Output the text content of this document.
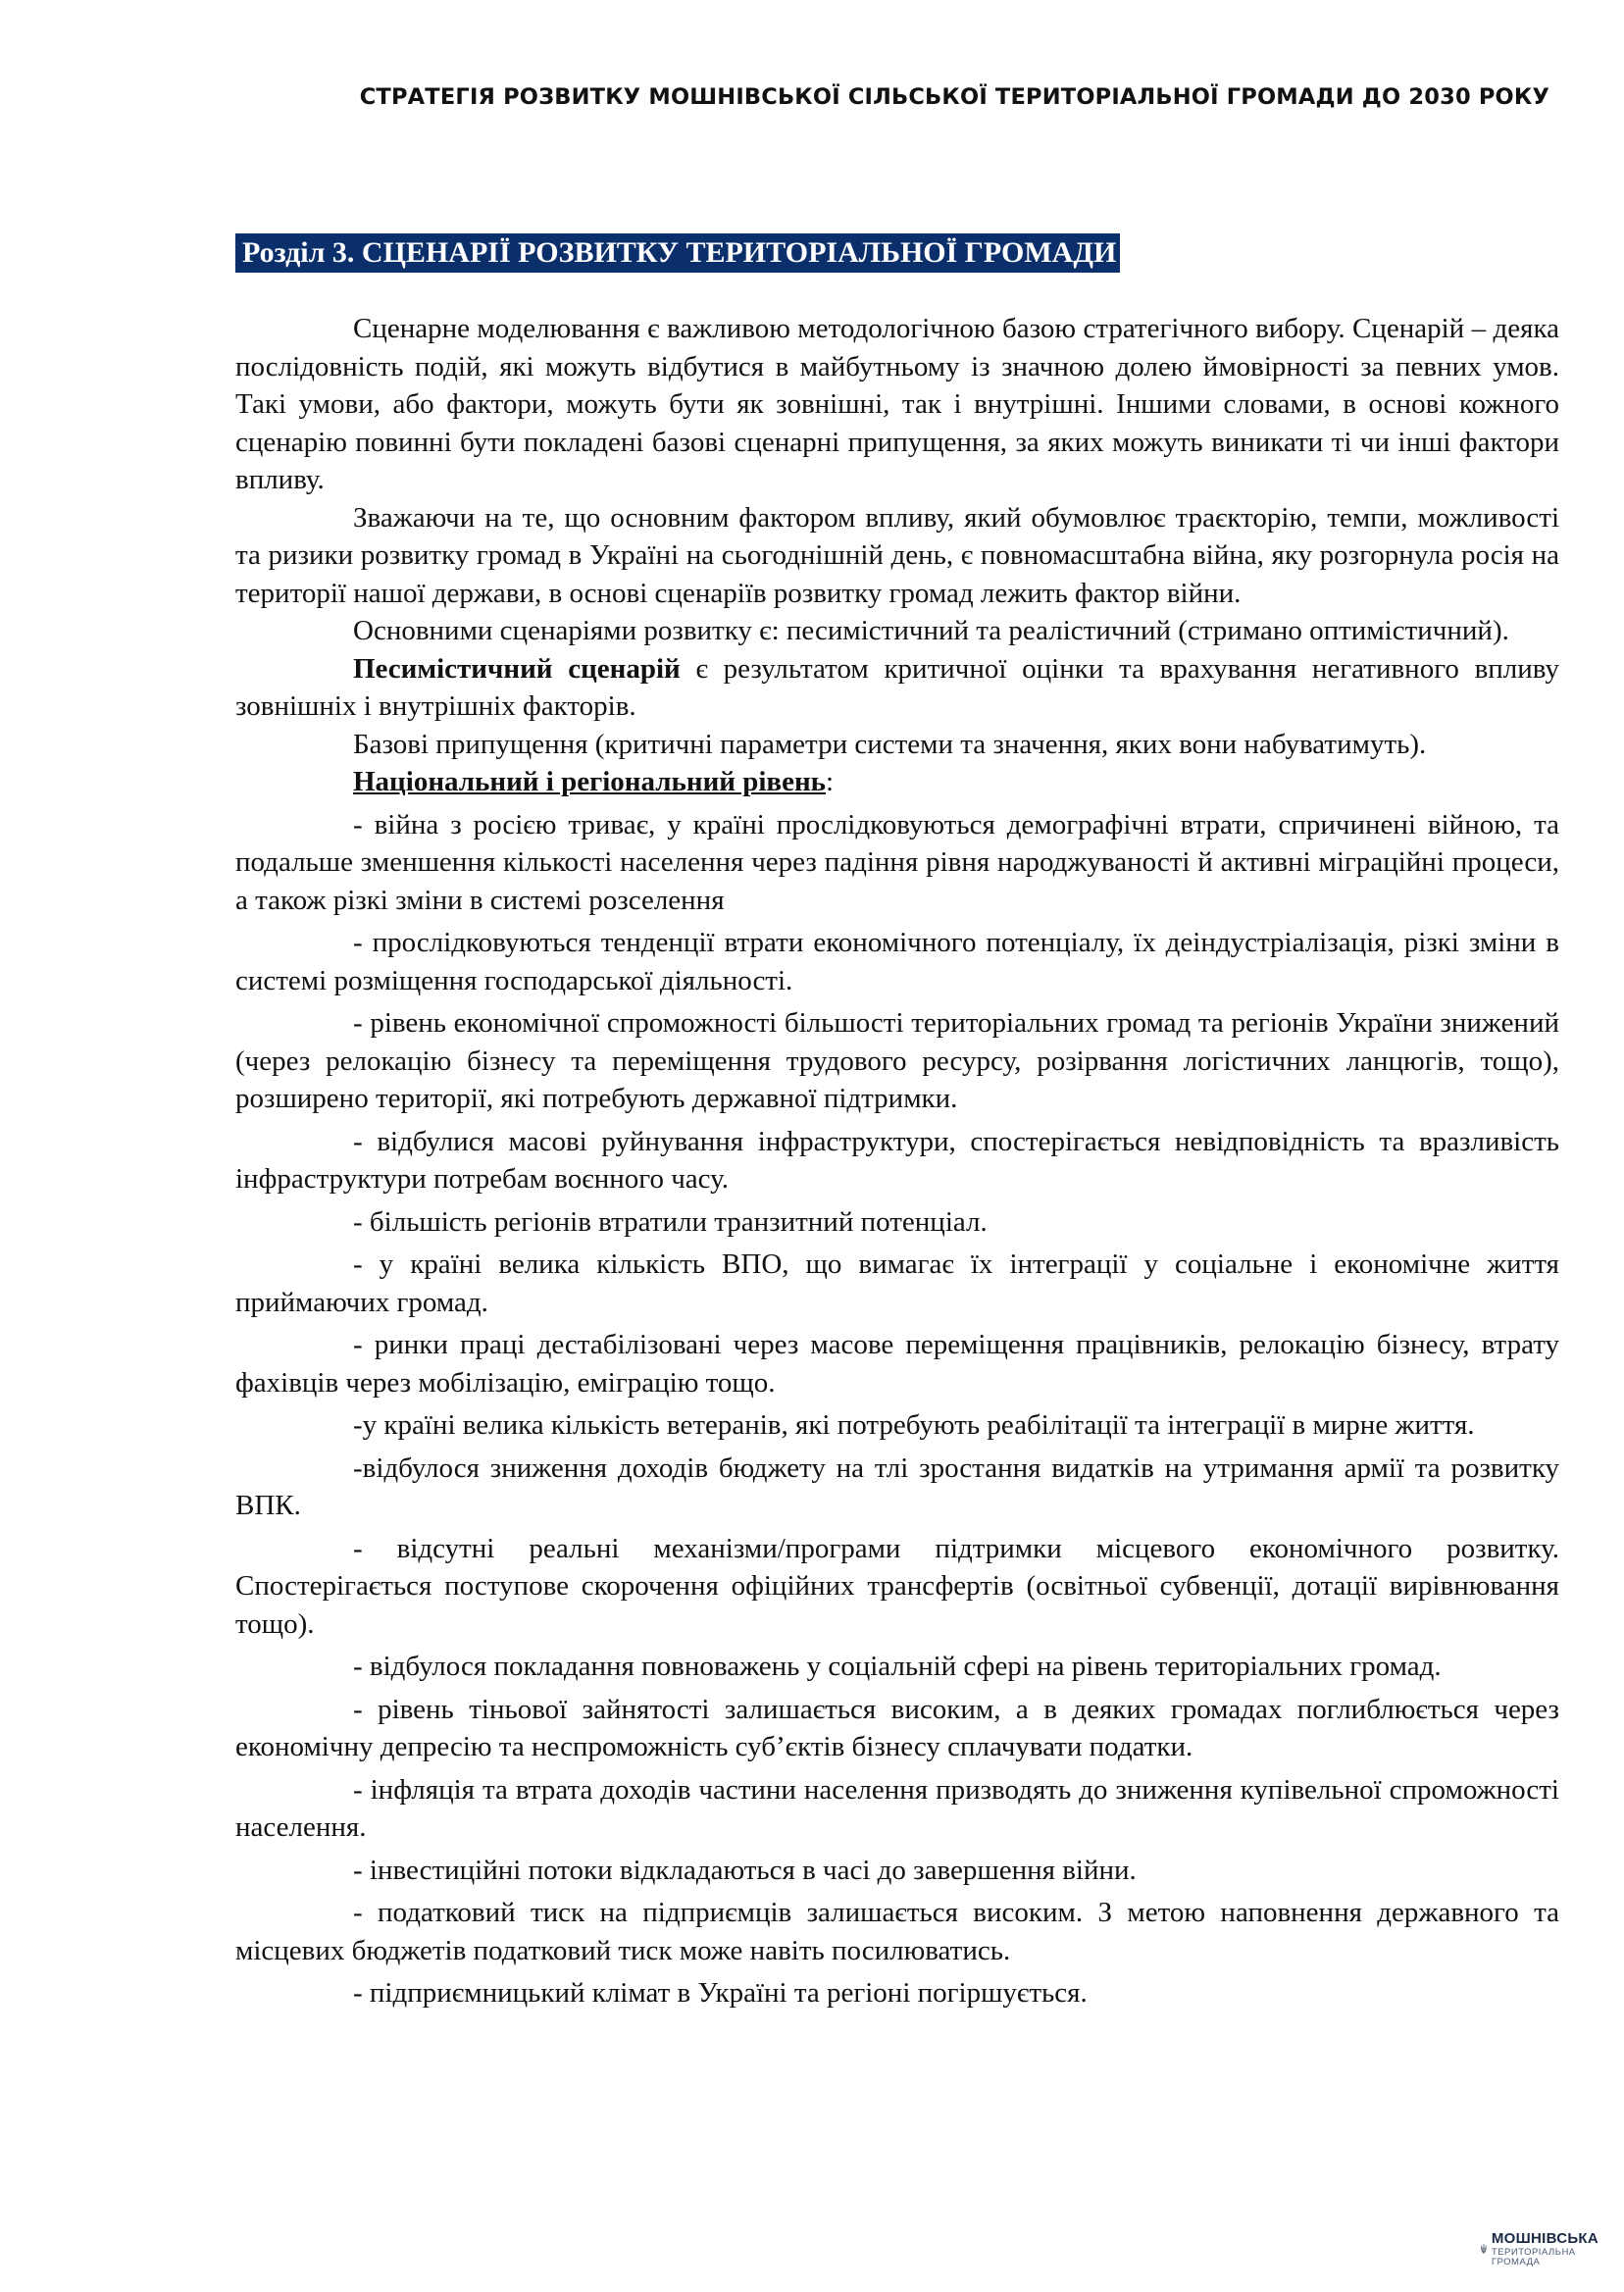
СТРАТЕГІЯ РОЗВИТКУ МОШНІВСЬКОЇ СІЛЬСЬКОЇ ТЕРИТОРІАЛЬНОЇ ГРОМАДИ ДО 2030 РОКУ
Розділ 3. СЦЕНАРІЇ РОЗВИТКУ ТЕРИТОРІАЛЬНОЇ ГРОМАДИ

Сценарне моделювання є важливою методологічною базою стратегічного вибору. Сценарій – деяка послідовність подій, які можуть відбутися в майбутньому із значною долею ймовірності за певних умов. Такі умови, або фактори, можуть бути як зовнішні, так і внутрішні. Іншими словами, в основі кожного сценарію повинні бути покладені базові сценарні припущення, за яких можуть виникати ті чи інші фактори впливу.

Зважаючи на те, що основним фактором впливу, який обумовлює траєкторію, темпи, можливості та ризики розвитку громад в Україні на сьогоднішній день, є повномасштабна війна, яку розгорнула росія на території нашої держави, в основі сценаріїв розвитку громад лежить фактор війни.

Основними сценаріями розвитку є: песимістичний та реалістичний (стримано оптимістичний).

Песимістичний сценарій є результатом критичної оцінки та врахування негативного впливу зовнішніх і внутрішніх факторів.

Базові припущення (критичні параметри системи та значення, яких вони набуватимуть).

Національний і регіональний рівень:

- війна з росією триває, у країні прослідковуються демографічні втрати, спричинені війною, та подальше зменшення кількості населення через падіння рівня народжуваності й активні міграційні процеси, а також різкі зміни в системі розселення

- прослідковуються тенденції втрати економічного потенціалу, їх деіндустріалізація, різкі зміни в системі розміщення господарської діяльності.

- рівень економічної спроможності більшості територіальних громад та регіонів України знижений (через релокацію бізнесу та переміщення трудового ресурсу, розірвання логістичних ланцюгів, тощо), розширено території, які потребують державної підтримки.

- відбулися масові руйнування інфраструктури, спостерігається невідповідність та вразливість інфраструктури потребам воєнного часу.

- більшість регіонів втратили транзитний потенціал.

- у країні велика кількість ВПО, що вимагає їх інтеграції у соціальне і економічне життя приймаючих громад.

- ринки праці дестабілізовані через масове переміщення працівників, релокацію бізнесу, втрату фахівців через мобілізацію, еміграцію тощо.

-у країні велика кількість ветеранів, які потребують реабілітації та інтеграції в мирне життя.

-відбулося зниження доходів бюджету на тлі зростання видатків на утримання армії та розвитку ВПК.

- відсутні реальні механізми/програми підтримки місцевого економічного розвитку. Спостерігається поступове скорочення офіційних трансфертів (освітньої субвенції, дотації вирівнювання тощо).

- відбулося покладання повноважень у соціальній сфері на рівень територіальних громад.

- рівень тіньової зайнятості залишається високим, а в деяких громадах поглиблюється через економічну депресію та неспроможність суб’єктів бізнесу сплачувати податки.

- інфляція та втрата доходів частини населення призводять до зниження купівельної спроможності населення.

- інвестиційні потоки відкладаються в часі до завершення війни.

- податковий тиск на підприємців залишається високим. З метою наповнення державного та місцевих бюджетів податковий тиск може навіть посилюватись.

- підприємницький клімат в Україні та регіоні погіршується.

МОШНІВСЬКА
ТЕРИТОРІАЛЬНА
ГРОМАДА
